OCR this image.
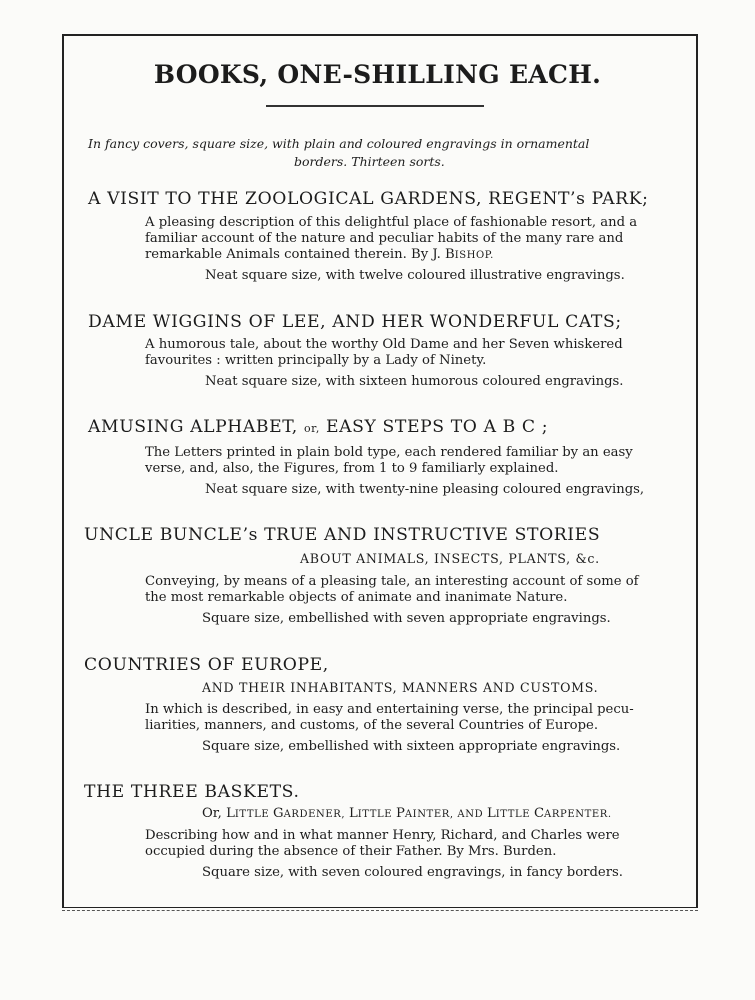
BOOKS, ONE-SHILLING EACH.

In fancy covers, square size, with plain and coloured engravings in ornamental

borders. Thirteen sorts.

A VISIT TO THE ZOOLOGICAL GARDENS, REGENT’s PARK;

A pleasing description of this delightful place of fashionable resort, and a

familiar account of the nature and peculiar habits of the many rare and

remarkable Animals contained therein. By J. BISHOP.

Neat square size, with twelve coloured illustrative engravings.

DAME WIGGINS OF LEE, AND HER WONDERFUL CATS;

A humorous tale, about the worthy Old Dame and her Seven whiskered

favourites : written principally by a Lady of Ninety.

Neat square size, with sixteen humorous coloured engravings.

AMUSING ALPHABET, or, EASY STEPS TO A B C ;

The Letters printed in plain bold type, each rendered familiar by an easy

verse, and, also, the Figures, from 1 to 9 familiarly explained.

Neat square size, with twenty-nine pleasing coloured engravings,

UNCLE BUNCLE’s TRUE AND INSTRUCTIVE STORIES

ABOUT ANIMALS, INSECTS, PLANTS, &c.

Conveying, by means of a pleasing tale, an interesting account of some of

the most remarkable objects of animate and inanimate Nature.

Square size, embellished with seven appropriate engravings.

COUNTRIES OF EUROPE,

AND THEIR INHABITANTS, MANNERS AND CUSTOMS.

In which is described, in easy and entertaining verse, the principal pecu-

liarities, manners, and customs, of the several Countries of Europe.

Square size, embellished with sixteen appropriate engravings.

THE THREE BASKETS.

Or, LITTLE GARDENER, LITTLE PAINTER, AND LITTLE CARPENTER.

Describing how and in what manner Henry, Richard, and Charles were

occupied during the absence of their Father. By Mrs. Burden.

Square size, with seven coloured engravings, in fancy borders.
